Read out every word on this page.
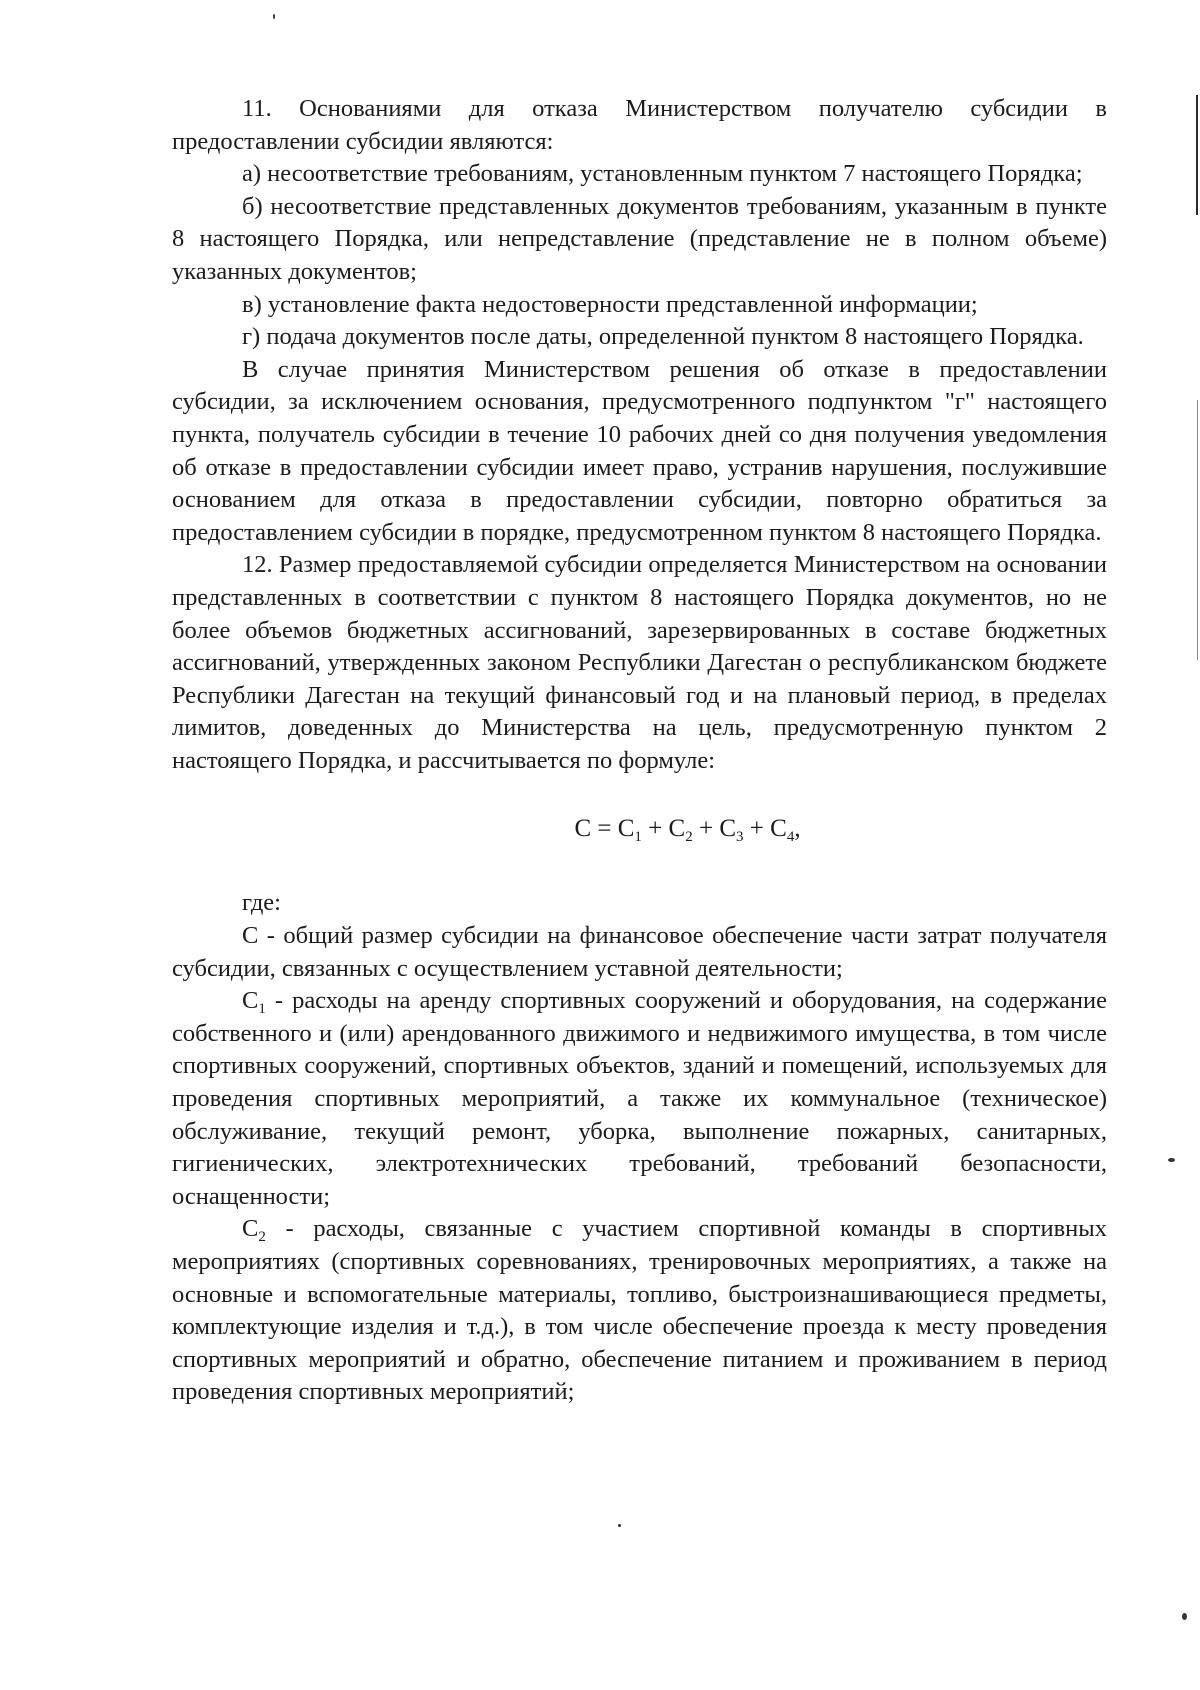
11. Основаниями для отказа Министерством получателю субсидии в предоставлении субсидии являются:

а) несоответствие требованиям, установленным пунктом 7 настоящего Порядка;

б) несоответствие представленных документов требованиям, указанным в пункте 8 настоящего Порядка, или непредставление (представление не в полном объеме) указанных документов;

в) установление факта недостоверности представленной информации;

г) подача документов после даты, определенной пунктом 8 настоящего Порядка.

В случае принятия Министерством решения об отказе в предоставлении субсидии, за исключением основания, предусмотренного подпунктом "г" настоящего пункта, получатель субсидии в течение 10 рабочих дней со дня получения уведомления об отказе в предоставлении субсидии имеет право, устранив нарушения, послужившие основанием для отказа в предоставлении субсидии, повторно обратиться за предоставлением субсидии в порядке, предусмотренном пунктом 8 настоящего Порядка.

12. Размер предоставляемой субсидии определяется Министерством на основании представленных в соответствии с пунктом 8 настоящего Порядка документов, но не более объемов бюджетных ассигнований, зарезервированных в составе бюджетных ассигнований, утвержденных законом Республики Дагестан о республиканском бюджете Республики Дагестан на текущий финансовый год и на плановый период, в пределах лимитов, доведенных до Министерства на цель, предусмотренную пунктом 2 настоящего Порядка, и рассчитывается по формуле:

$C = C_1 + C_2 + C_3 + C_4$,

где:

С - общий размер субсидии на финансовое обеспечение части затрат получателя субсидии, связанных с осуществлением уставной деятельности;

$С_1$ - расходы на аренду спортивных сооружений и оборудования, на содержание собственного и (или) арендованного движимого и недвижимого имущества, в том числе спортивных сооружений, спортивных объектов, зданий и помещений, используемых для проведения спортивных мероприятий, а также их коммунальное (техническое) обслуживание, текущий ремонт, уборка, выполнение пожарных, санитарных, гигиенических, электротехнических требований, требований безопасности, оснащенности;

$С_2$ - расходы, связанные с участием спортивной команды в спортивных мероприятиях (спортивных соревнованиях, тренировочных мероприятиях, а также на основные и вспомогательные материалы, топливо, быстроизнашивающиеся предметы, комплектующие изделия и т.д.), в том числе обеспечение проезда к месту проведения спортивных мероприятий и обратно, обеспечение питанием и проживанием в период проведения спортивных мероприятий;
